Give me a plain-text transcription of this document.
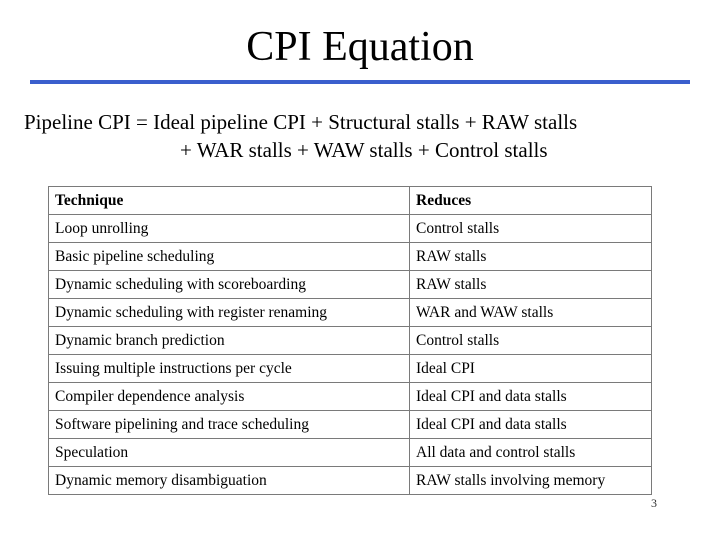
CPI Equation
Pipeline CPI = Ideal pipeline CPI + Structural stalls + RAW stalls
+ WAR stalls + WAW stalls + Control stalls
Technique	Reduces
Loop unrolling	Control stalls
Basic pipeline scheduling	RAW stalls
Dynamic scheduling with scoreboarding	RAW stalls
Dynamic scheduling with register renaming	WAR and WAW stalls
Dynamic branch prediction	Control stalls
Issuing multiple instructions per cycle	Ideal CPI
Compiler dependence analysis	Ideal CPI and data stalls
Software pipelining and trace scheduling	Ideal CPI and data stalls
Speculation	All data and control stalls
Dynamic memory disambiguation	RAW stalls involving memory
3
